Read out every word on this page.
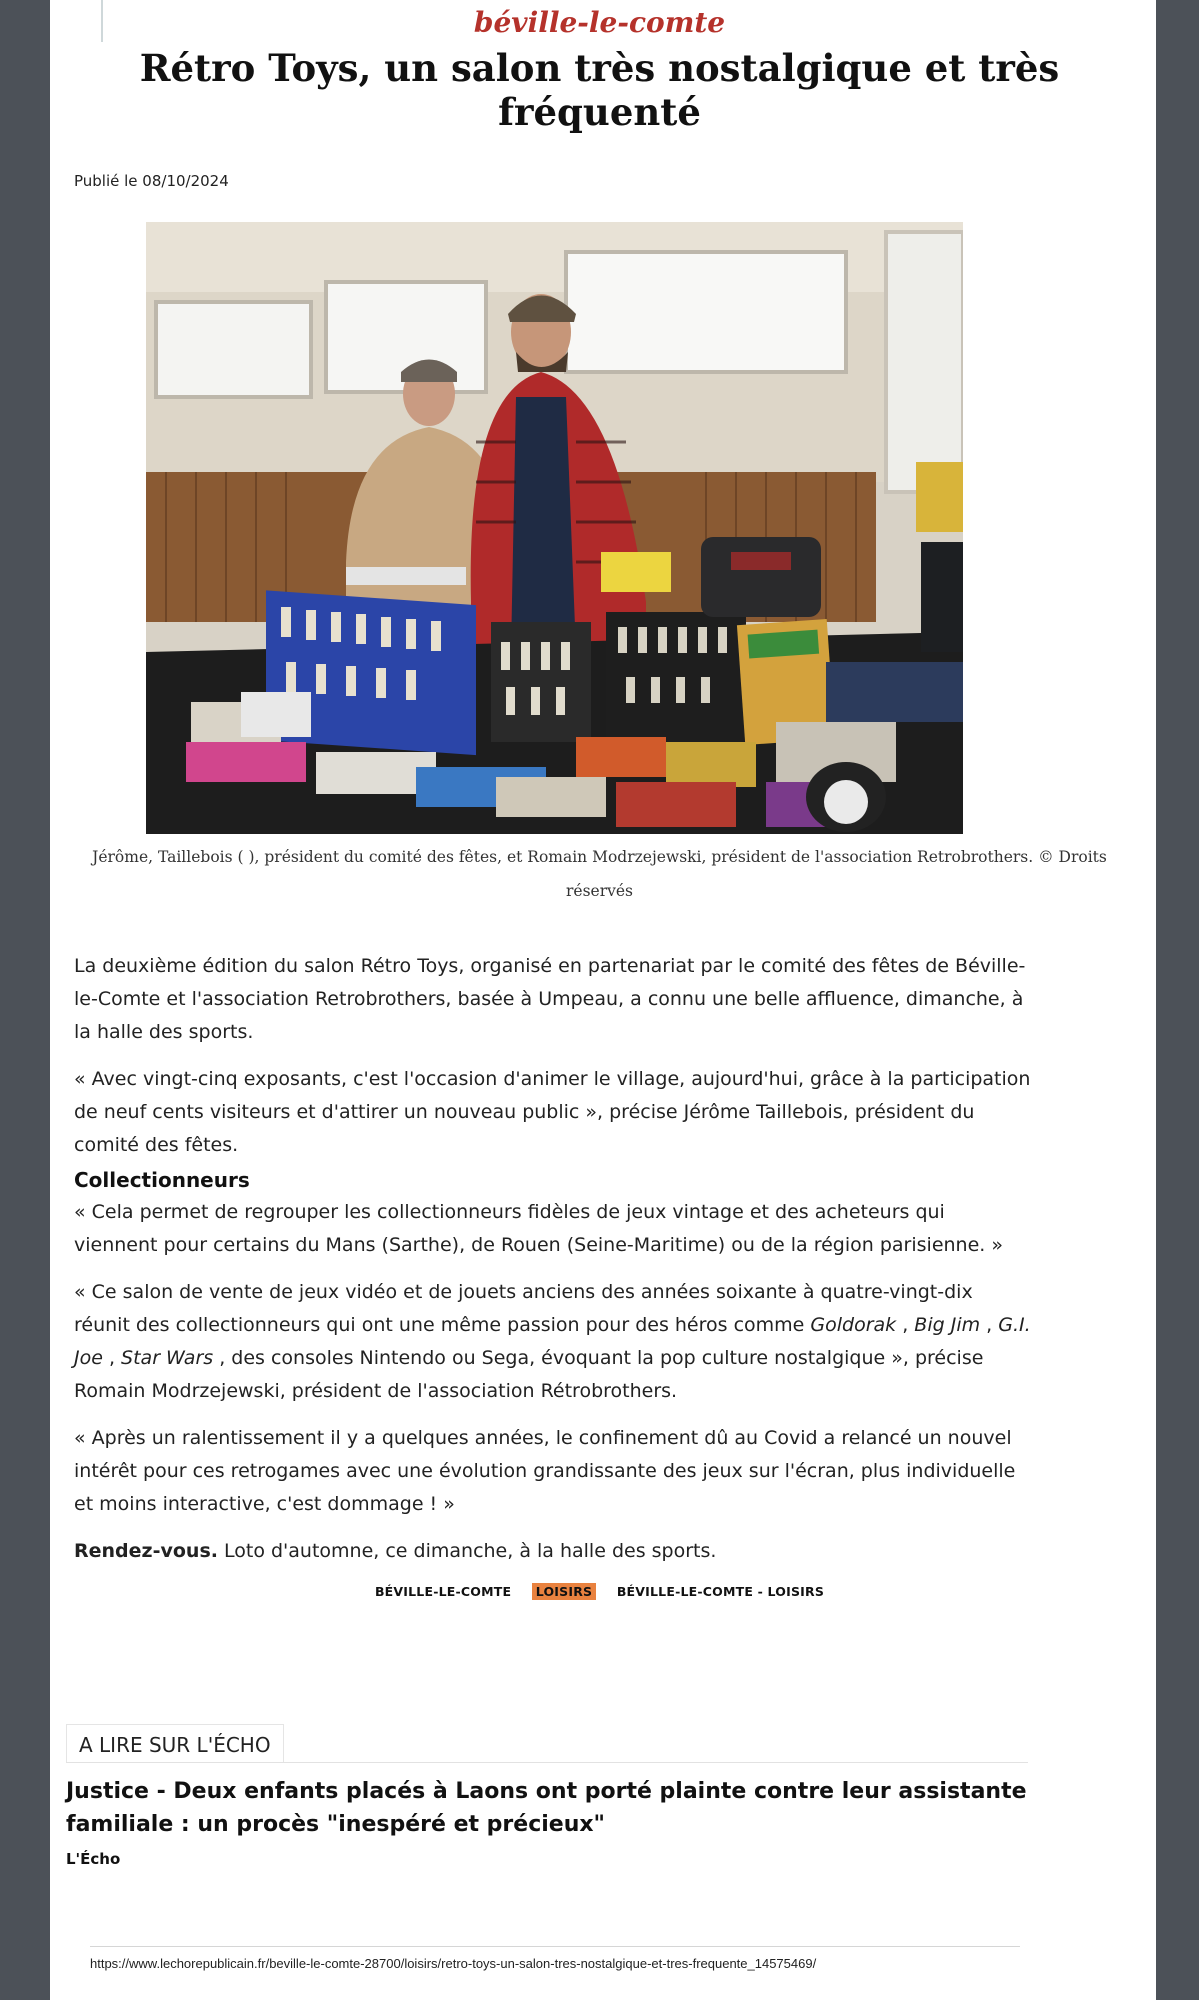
béville-le-comte
Rétro Toys, un salon très nostalgique et très fréquenté
Publié le 08/10/2024
Jérôme, Taillebois ( ), président du comité des fêtes, et Romain Modrzejewski, président de l'association Retrobrothers. © Droits réservés

La deuxième édition du salon Rétro Toys, organisé en partenariat par le comité des fêtes de Béville-le-Comte et l'association Retrobrothers, basée à Umpeau, a connu une belle affluence, dimanche, à la halle des sports.

« Avec vingt-cinq exposants, c'est l'occasion d'animer le village, aujourd'hui, grâce à la participation de neuf cents visiteurs et d'attirer un nouveau public », précise Jérôme Taillebois, président du comité des fêtes.

Collectionneurs

« Cela permet de regrouper les collectionneurs fidèles de jeux vintage et des acheteurs qui viennent pour certains du Mans (Sarthe), de Rouen (Seine-Maritime) ou de la région parisienne. »

« Ce salon de vente de jeux vidéo et de jouets anciens des années soixante à quatre-vingt-dix réunit des collectionneurs qui ont une même passion pour des héros comme Goldorak , Big Jim , G.I. Joe , Star Wars , des consoles Nintendo ou Sega, évoquant la pop culture nostalgique », précise Romain Modrzejewski, président de l'association Rétrobrothers.

« Après un ralentissement il y a quelques années, le confinement dû au Covid a relancé un nouvel intérêt pour ces retrogames avec une évolution grandissante des jeux sur l'écran, plus individuelle et moins interactive, c'est dommage ! »

Rendez-vous. Loto d'automne, ce dimanche, à la halle des sports.

BÉVILLE-LE-COMTE LOISIRS BÉVILLE-LE-COMTE - LOISIRS
A LIRE SUR L'ÉCHO
Justice - Deux enfants placés à Laons ont porté plainte contre leur assistante familiale : un procès "inespéré et précieux"
L'Écho
https://www.lechorepublicain.fr/beville-le-comte-28700/loisirs/retro-toys-un-salon-tres-nostalgique-et-tres-frequente_14575469/
